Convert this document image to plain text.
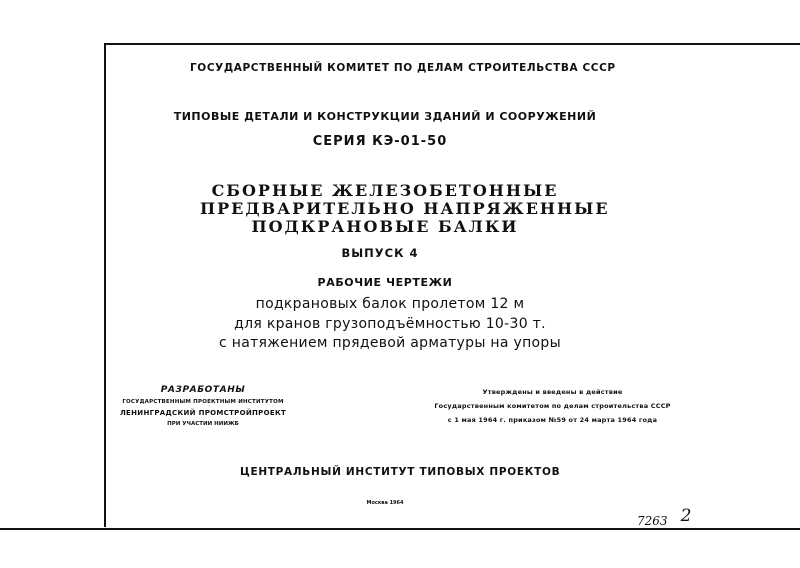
ГОСУДАРСТВЕННЫЙ КОМИТЕТ ПО ДЕЛАМ СТРОИТЕЛЬСТВА СССР
ТИПОВЫЕ ДЕТАЛИ И КОНСТРУКЦИИ ЗДАНИЙ И СООРУЖЕНИЙ
СЕРИЯ КЭ-01-50
СБОРНЫЕ ЖЕЛЕЗОБЕТОННЫЕ
ПРЕДВАРИТЕЛЬНО НАПРЯЖЕННЫЕ
ПОДКРАНОВЫЕ БАЛКИ
ВЫПУСК 4
РАБОЧИЕ ЧЕРТЕЖИ
подкрановых балок пролетом 12 м
для кранов грузоподъёмностью 10-30 т.
с натяжением прядевой арматуры на упоры
РАЗРАБОТАНЫ
ГОСУДАРСТВЕННЫМ ПРОЕКТНЫМ ИНСТИТУТОМ
ЛЕНИНГРАДСКИЙ ПРОМСТРОЙПРОЕКТ
ПРИ УЧАСТИИ НИИЖБ
Утверждены и введены в действие
Государственным комитетом по делам строительства СССР
с 1 мая 1964 г. приказом №59 от 24 марта 1964 года
ЦЕНТРАЛЬНЫЙ ИНСТИТУТ ТИПОВЫХ ПРОЕКТОВ
Москва 1964
7263 2
